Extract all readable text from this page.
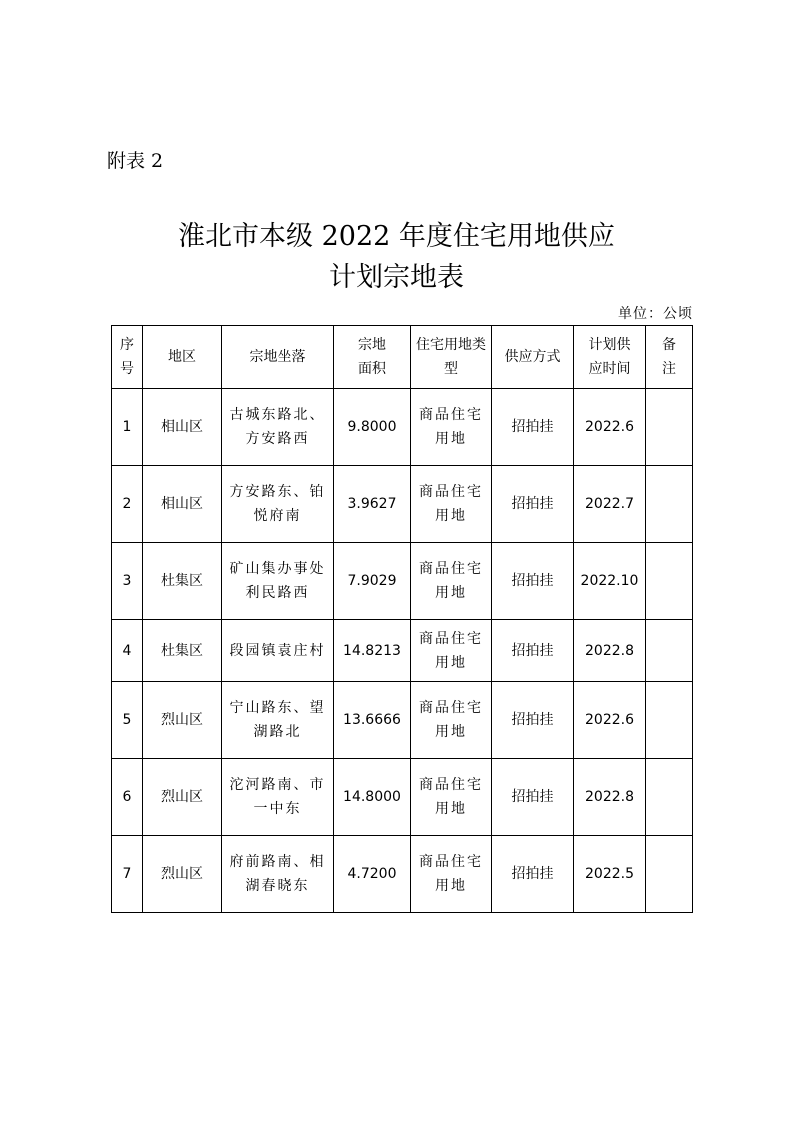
附表 2
淮北市本级 2022 年度住宅用地供应
计划宗地表
单位：公顷
序号	地区	宗地坐落	宗地面积	住宅用地类型	供应方式	计划供应时间	备注
1	相山区	古城东路北、方安路西	9.8000	商品住宅用地	招拍挂	2022.6	
2	相山区	方安路东、铂悦府南	3.9627	商品住宅用地	招拍挂	2022.7	
3	杜集区	矿山集办事处利民路西	7.9029	商品住宅用地	招拍挂	2022.10	
4	杜集区	段园镇袁庄村	14.8213	商品住宅用地	招拍挂	2022.8	
5	烈山区	宁山路东、望湖路北	13.6666	商品住宅用地	招拍挂	2022.6	
6	烈山区	沱河路南、市一中东	14.8000	商品住宅用地	招拍挂	2022.8	
7	烈山区	府前路南、相湖春晓东	4.7200	商品住宅用地	招拍挂	2022.5	
